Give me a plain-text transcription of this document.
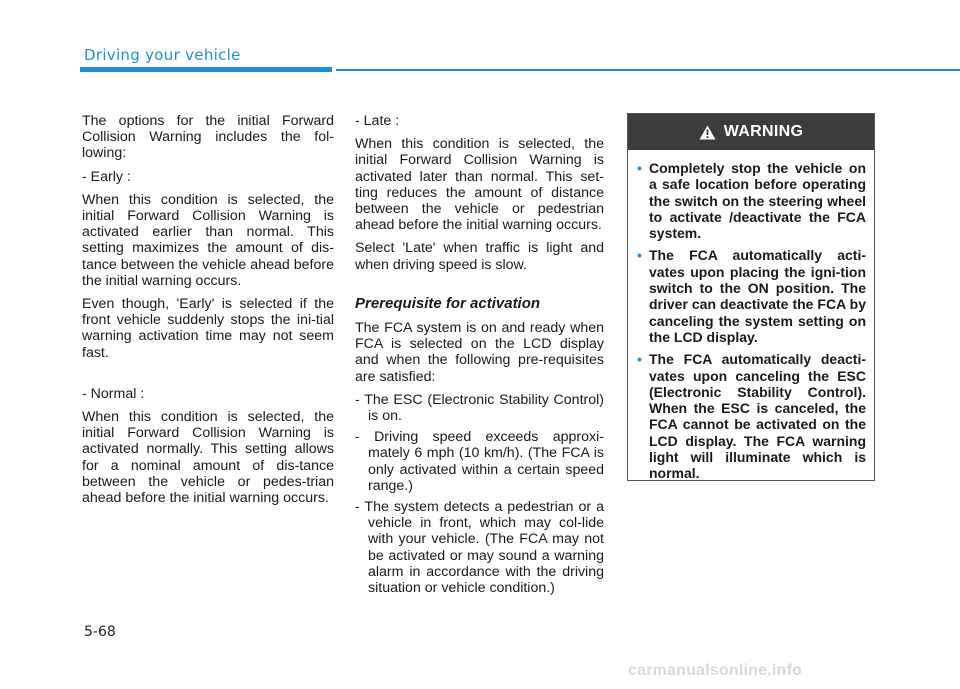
Driving your vehicle

The options for the initial Forward Collision Warning includes the fol-lowing:

- Early :

When this condition is selected, the initial Forward Collision Warning is activated earlier than normal. This setting maximizes the amount of dis-tance between the vehicle ahead before the initial warning occurs.

Even though, 'Early' is selected if the front vehicle suddenly stops the ini-tial warning activation time may not seem fast.

- Normal :

When this condition is selected, the initial Forward Collision Warning is activated normally. This setting allows for a nominal amount of dis-tance between the vehicle or pedes-trian ahead before the initial warning occurs.

- Late :

When this condition is selected, the initial Forward Collision Warning is activated later than normal. This set-ting reduces the amount of distance between the vehicle or pedestrian ahead before the initial warning occurs.

Select 'Late' when traffic is light and when driving speed is slow.

Prerequisite for activation

The FCA system is on and ready when FCA is selected on the LCD display and when the following pre-requisites are satisfied:

- The ESC (Electronic Stability Control) is on.
- Driving speed exceeds approxi-mately 6 mph (10 km/h). (The FCA is only activated within a certain speed range.)
- The system detects a pedestrian or a vehicle in front, which may col-lide with your vehicle. (The FCA may not be activated or may sound a warning alarm in accordance with the driving situation or vehicle condition.)
WARNING
• Completely stop the vehicle on a safe location before operating the switch on the steering wheel to activate /deactivate the FCA system.
• The FCA automatically acti-vates upon placing the igni-tion switch to the ON position. The driver can deactivate the FCA by canceling the system setting on the LCD display.
• The FCA automatically deacti-vates upon canceling the ESC (Electronic Stability Control). When the ESC is canceled, the FCA cannot be activated on the LCD display. The FCA warning light will illuminate which is normal.
5-68
carmanualsonline.info
